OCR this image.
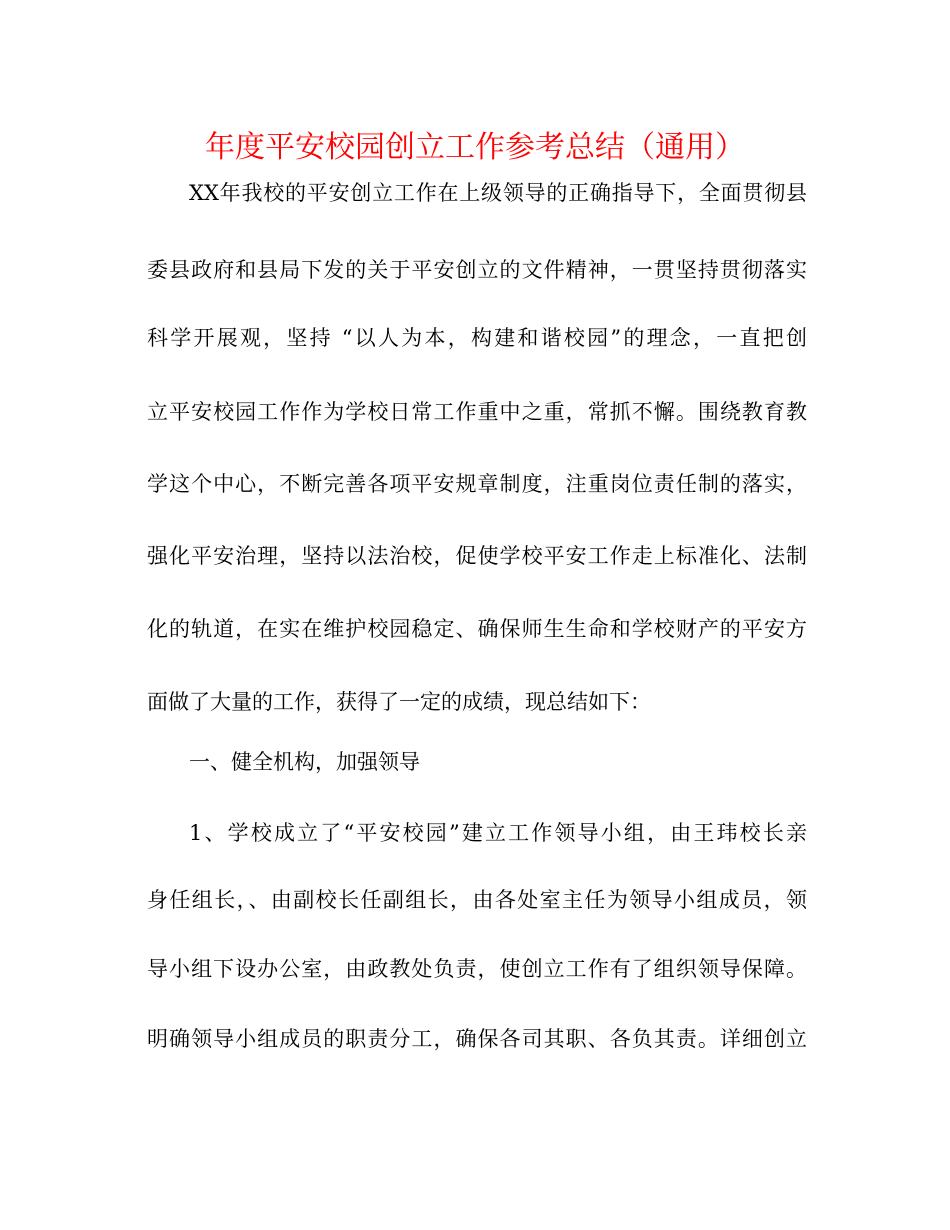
年度平安校园创立工作参考总结（通用）
XX年我校的平安创立工作在上级领导的正确指导下，全面贯彻县
委县政府和县局下发的关于平安创立的文件精神，一贯坚持贯彻落实
科学开展观，坚持 “以人为本，构建和谐校园”的理念，一直把创
立平安校园工作作为学校日常工作重中之重，常抓不懈。围绕教育教
学这个中心，不断完善各项平安规章制度，注重岗位责任制的落实，
强化平安治理，坚持以法治校，促使学校平安工作走上标准化、法制
化的轨道，在实在维护校园稳定、确保师生生命和学校财产的平安方
面做了大量的工作，获得了一定的成绩，现总结如下：
一、健全机构，加强领导
1、学校成立了“平安校园”建立工作领导小组，由王玮校长亲
身任组长，、由副校长任副组长，由各处室主任为领导小组成员，领
导小组下设办公室，由政教处负责，使创立工作有了组织领导保障。
明确领导小组成员的职责分工，确保各司其职、各负其责。详细创立
